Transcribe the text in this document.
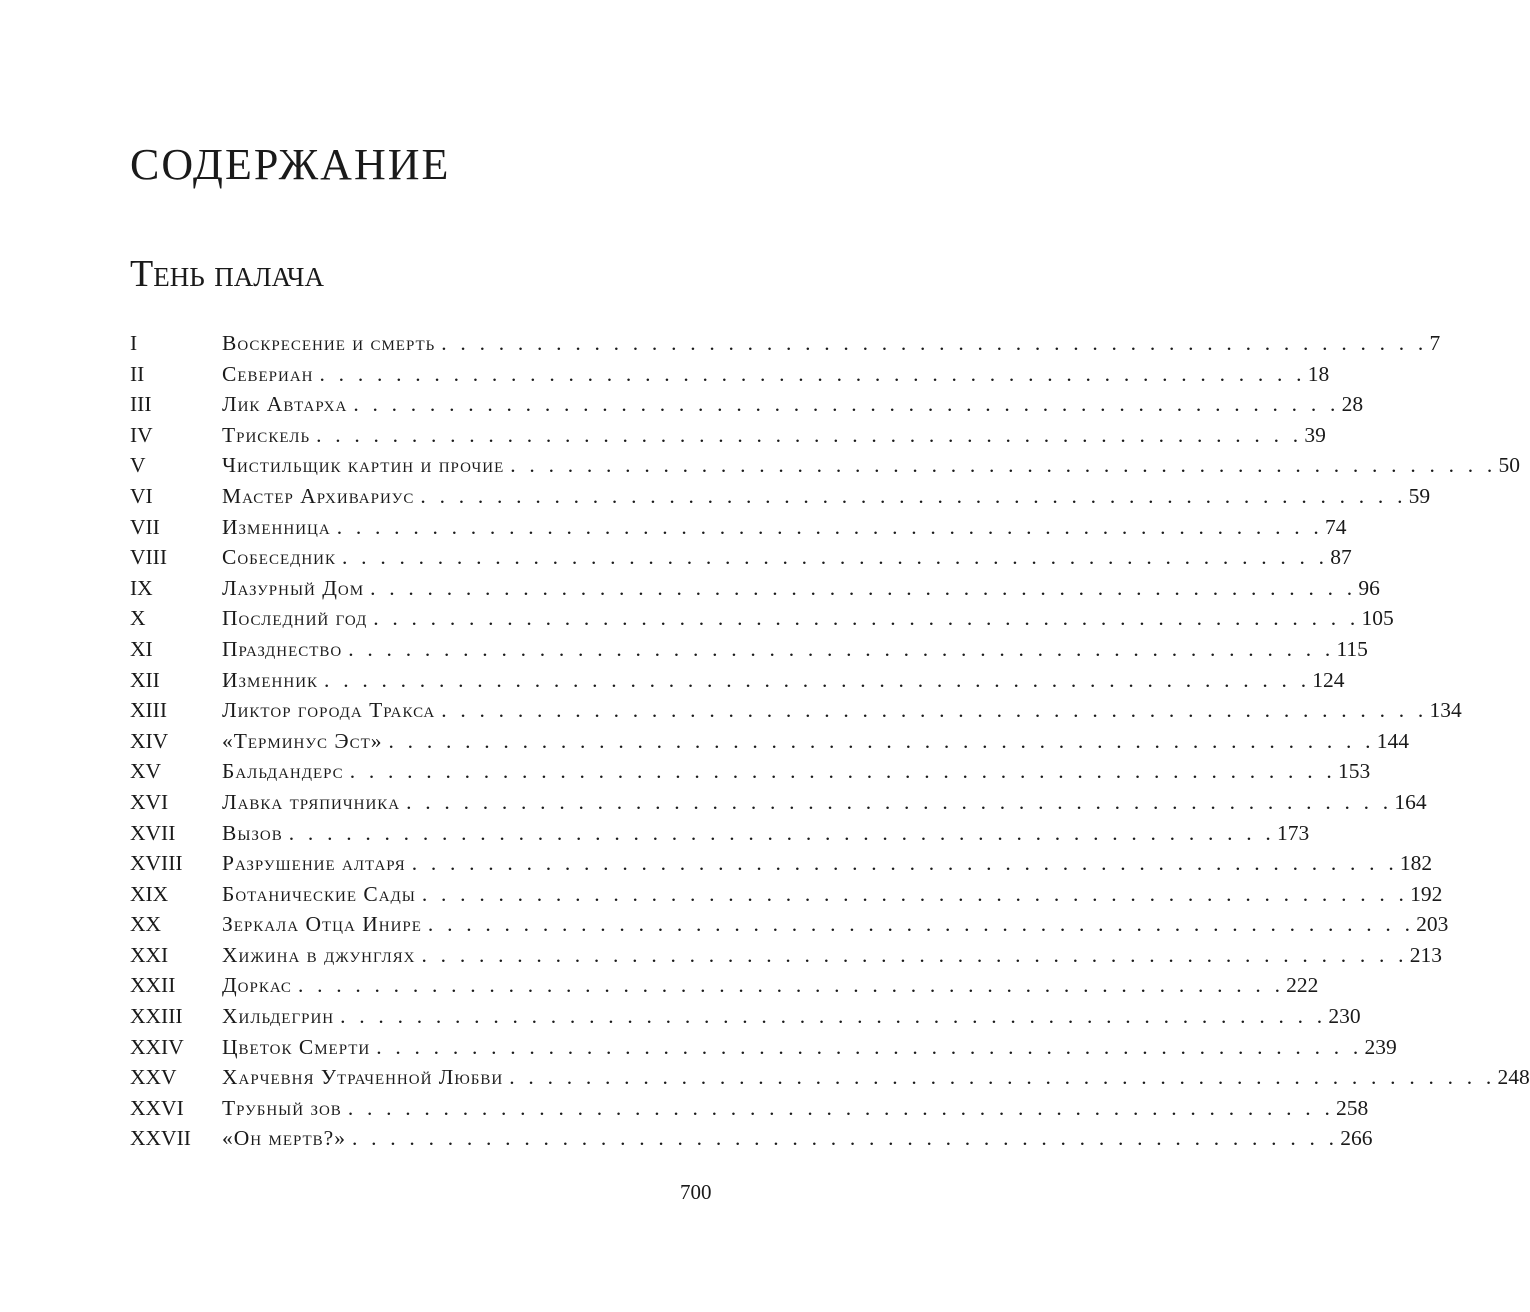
СОДЕРЖАНИЕ
Тень палача
I	Воскресение и смерть . . . . . . . . . . . . . . . . . . . . . . . . . . . . . . . . . . . . . . . . . . . . . . . . . . . . 7
II	Севериан . . . . . . . . . . . . . . . . . . . . . . . . . . . . . . . . . . . . . . . . . . . . . . . . . . . . 18
III	Лик Автарха . . . . . . . . . . . . . . . . . . . . . . . . . . . . . . . . . . . . . . . . . . . . . . . . . . . . 28
IV	Трискель . . . . . . . . . . . . . . . . . . . . . . . . . . . . . . . . . . . . . . . . . . . . . . . . . . . . 39
V	Чистильщик картин и прочие . . . . . . . . . . . . . . . . . . . . . . . . . . . . . . . . . . . . . . . . . . . . . . . . . . . . 50
VI	Мастер Архивариус . . . . . . . . . . . . . . . . . . . . . . . . . . . . . . . . . . . . . . . . . . . . . . . . . . . . 59
VII	Изменница . . . . . . . . . . . . . . . . . . . . . . . . . . . . . . . . . . . . . . . . . . . . . . . . . . . . 74
VIII	Собеседник . . . . . . . . . . . . . . . . . . . . . . . . . . . . . . . . . . . . . . . . . . . . . . . . . . . . 87
IX	Лазурный Дом . . . . . . . . . . . . . . . . . . . . . . . . . . . . . . . . . . . . . . . . . . . . . . . . . . . . 96
X	Последний год . . . . . . . . . . . . . . . . . . . . . . . . . . . . . . . . . . . . . . . . . . . . . . . . . . . . 105
XI	Празднество . . . . . . . . . . . . . . . . . . . . . . . . . . . . . . . . . . . . . . . . . . . . . . . . . . . . 115
XII	Изменник . . . . . . . . . . . . . . . . . . . . . . . . . . . . . . . . . . . . . . . . . . . . . . . . . . . . 124
XIII	Ликтор города Тракса . . . . . . . . . . . . . . . . . . . . . . . . . . . . . . . . . . . . . . . . . . . . . . . . . . . . 134
XIV	«Терминус Эст» . . . . . . . . . . . . . . . . . . . . . . . . . . . . . . . . . . . . . . . . . . . . . . . . . . . . 144
XV	Бальдандерс . . . . . . . . . . . . . . . . . . . . . . . . . . . . . . . . . . . . . . . . . . . . . . . . . . . . 153
XVI	Лавка тряпичника . . . . . . . . . . . . . . . . . . . . . . . . . . . . . . . . . . . . . . . . . . . . . . . . . . . . 164
XVII	Вызов . . . . . . . . . . . . . . . . . . . . . . . . . . . . . . . . . . . . . . . . . . . . . . . . . . . . 173
XVIII	Разрушение алтаря . . . . . . . . . . . . . . . . . . . . . . . . . . . . . . . . . . . . . . . . . . . . . . . . . . . . 182
XIX	Ботанические Сады . . . . . . . . . . . . . . . . . . . . . . . . . . . . . . . . . . . . . . . . . . . . . . . . . . . . 192
XX	Зеркала Отца Инире . . . . . . . . . . . . . . . . . . . . . . . . . . . . . . . . . . . . . . . . . . . . . . . . . . . . 203
XXI	Хижина в джунглях . . . . . . . . . . . . . . . . . . . . . . . . . . . . . . . . . . . . . . . . . . . . . . . . . . . . 213
XXII	Доркас . . . . . . . . . . . . . . . . . . . . . . . . . . . . . . . . . . . . . . . . . . . . . . . . . . . . 222
XXIII	Хильдегрин . . . . . . . . . . . . . . . . . . . . . . . . . . . . . . . . . . . . . . . . . . . . . . . . . . . . 230
XXIV	Цветок Смерти . . . . . . . . . . . . . . . . . . . . . . . . . . . . . . . . . . . . . . . . . . . . . . . . . . . . 239
XXV	Харчевня Утраченной Любви . . . . . . . . . . . . . . . . . . . . . . . . . . . . . . . . . . . . . . . . . . . . . . . . . . . . 248
XXVI	Трубный зов . . . . . . . . . . . . . . . . . . . . . . . . . . . . . . . . . . . . . . . . . . . . . . . . . . . . 258
XXVII	«Он мертв?» . . . . . . . . . . . . . . . . . . . . . . . . . . . . . . . . . . . . . . . . . . . . . . . . . . . . 266
700
